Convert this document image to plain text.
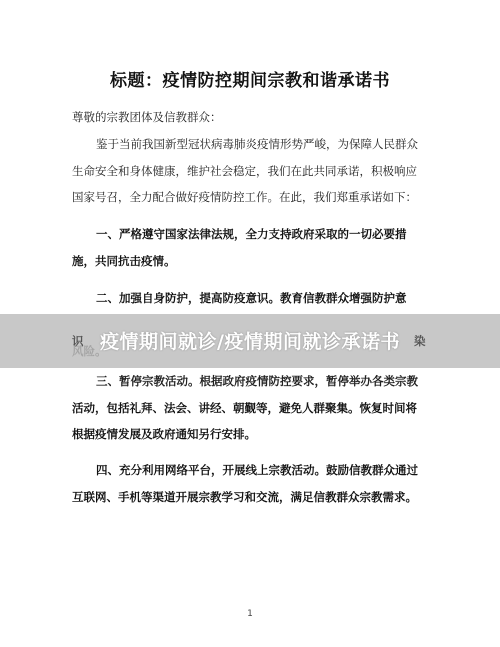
标题：疫情防控期间宗教和谐承诺书
尊敬的宗教团体及信教群众：
鉴于当前我国新型冠状病毒肺炎疫情形势严峻，为保障人民群众
生命安全和身体健康，维护社会稳定，我们在此共同承诺，积极响应
国家号召，全力配合做好疫情防控工作。在此，我们郑重承诺如下：
一、严格遵守国家法律法规，全力支持政府采取的一切必要措
施，共同抗击疫情。
二、加强自身防护，提高防疫意识。教育信教群众增强防护意
三、暂停宗教活动。根据政府疫情防控要求，暂停举办各类宗教
活动，包括礼拜、法会、讲经、朝觐等，避免人群聚集。恢复时间将
根据疫情发展及政府通知另行安排。
四、充分利用网络平台，开展线上宗教活动。鼓励信教群众通过
互联网、手机等渠道开展宗教学习和交流，满足信教群众宗教需求。
1
识	染
疫情期间就诊/疫情期间就诊承诺书
